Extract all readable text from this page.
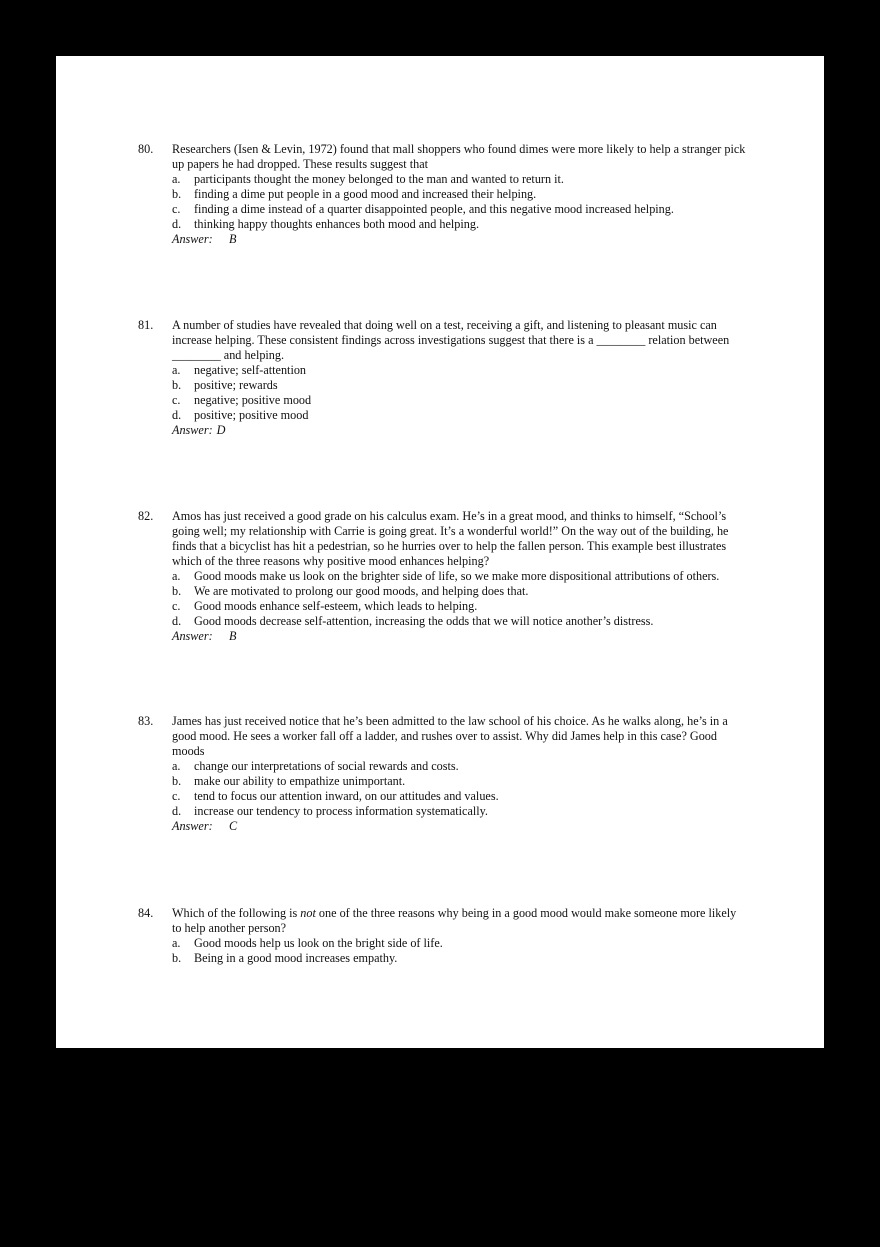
80.	Researchers (Isen & Levin, 1972) found that mall shoppers who found dimes were more likely to help a stranger pick up papers he had dropped. These results suggest that
a. participants thought the money belonged to the man and wanted to return it.
b. finding a dime put people in a good mood and increased their helping.
c. finding a dime instead of a quarter disappointed people, and this negative mood increased helping.
d. thinking happy thoughts enhances both mood and helping.
Answer: B
81.	A number of studies have revealed that doing well on a test, receiving a gift, and listening to pleasant music can increase helping. These consistent findings across investigations suggest that there is a ________ relation between ________ and helping.
a. negative; self-attention
b. positive; rewards
c. negative; positive mood
d. positive; positive mood
Answer: D
82.	Amos has just received a good grade on his calculus exam. He’s in a great mood, and thinks to himself, “School’s going well; my relationship with Carrie is going great. It’s a wonderful world!” On the way out of the building, he finds that a bicyclist has hit a pedestrian, so he hurries over to help the fallen person. This example best illustrates which of the three reasons why positive mood enhances helping?
a. Good moods make us look on the brighter side of life, so we make more dispositional attributions of others.
b. We are motivated to prolong our good moods, and helping does that.
c. Good moods enhance self-esteem, which leads to helping.
d. Good moods decrease self-attention, increasing the odds that we will notice another’s distress.
Answer: B
83.	James has just received notice that he’s been admitted to the law school of his choice. As he walks along, he’s in a good mood. He sees a worker fall off a ladder, and rushes over to assist. Why did James help in this case? Good moods
a. change our interpretations of social rewards and costs.
b. make our ability to empathize unimportant.
c. tend to focus our attention inward, on our attitudes and values.
d. increase our tendency to process information systematically.
Answer: C
84.	Which of the following is not one of the three reasons why being in a good mood would make someone more likely to help another person?
a. Good moods help us look on the bright side of life.
b. Being in a good mood increases empathy.
